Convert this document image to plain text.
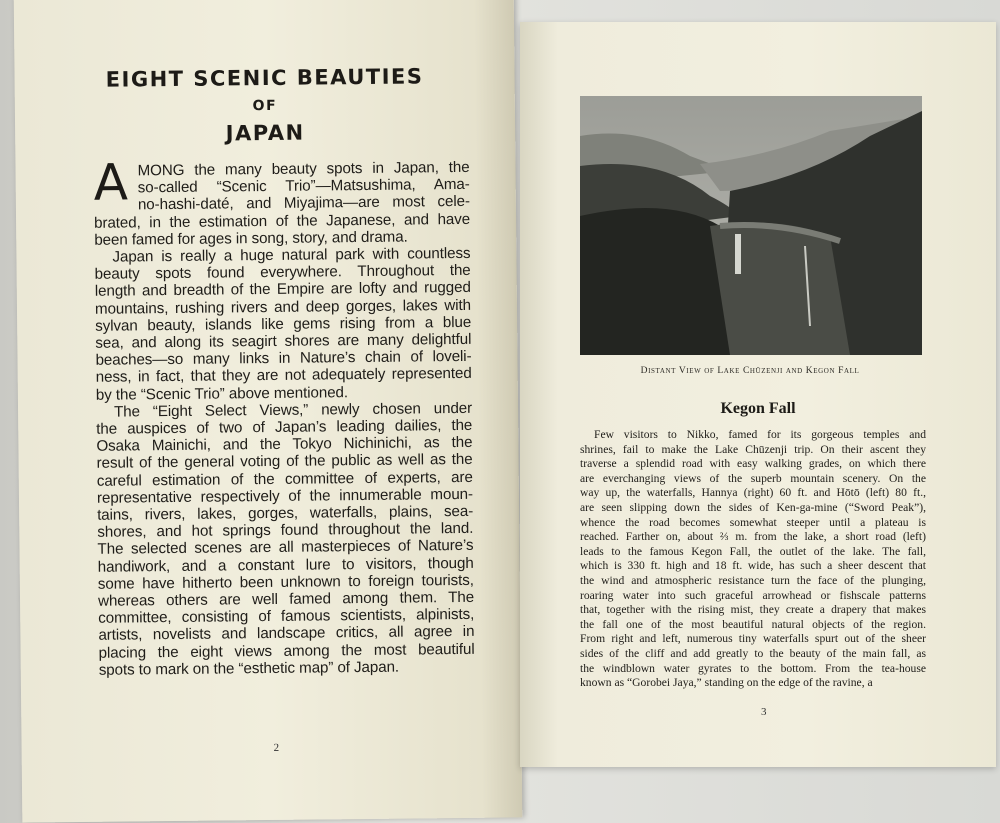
EIGHT SCENIC BEAUTIES
OF
JAPAN
A MONG the many beauty spots in Japan, the
so-called “Scenic Trio”—Matsushima, Ama-
no-hashi-daté, and Miyajima—are most cele-
brated, in the estimation of the Japanese, and have
been famed for ages in song, story, and drama.
Japan is really a huge natural park with countless
beauty spots found everywhere. Throughout the
length and breadth of the Empire are lofty and rugged
mountains, rushing rivers and deep gorges, lakes with
sylvan beauty, islands like gems rising from a blue
sea, and along its seagirt shores are many delightful
beaches—so many links in Nature’s chain of loveli-
ness, in fact, that they are not adequately represented
by the “Scenic Trio” above mentioned.
The “Eight Select Views,” newly chosen under
the auspices of two of Japan’s leading dailies, the
Osaka Mainichi, and the Tokyo Nichinichi, as the
result of the general voting of the public as well as the
careful estimation of the committee of experts, are
representative respectively of the innumerable moun-
tains, rivers, lakes, gorges, waterfalls, plains, sea-
shores, and hot springs found throughout the land.
The selected scenes are all masterpieces of Nature’s
handiwork, and a constant lure to visitors, though
some have hitherto been unknown to foreign tourists,
whereas others are well famed among them. The
committee, consisting of famous scientists, alpinists,
artists, novelists and landscape critics, all agree in
placing the eight views among the most beautiful
spots to mark on the “esthetic map” of Japan.
2
Distant View of Lake Chūzenji and Kegon Fall
Kegon Fall
Few visitors to Nikko, famed for its gorgeous temples and
shrines, fail to make the Lake Chūzenji trip. On their ascent they
traverse a splendid road with easy walking grades, on which there
are everchanging views of the superb mountain scenery. On the
way up, the waterfalls, Hannya (right) 60 ft. and Hōtō (left) 80 ft.,
are seen slipping down the sides of Ken-ga-mine (“Sword Peak”),
whence the road becomes somewhat steeper until a plateau is
reached. Farther on, about ⅔ m. from the lake, a short road (left)
leads to the famous Kegon Fall, the outlet of the lake. The fall,
which is 330 ft. high and 18 ft. wide, has such a sheer descent that
the wind and atmospheric resistance turn the face of the plunging,
roaring water into such graceful arrowhead or fishscale patterns
that, together with the rising mist, they create a drapery that makes
the fall one of the most beautiful natural objects of the region.
From right and left, numerous tiny waterfalls spurt out of the sheer
sides of the cliff and add greatly to the beauty of the main fall, as
the windblown water gyrates to the bottom. From the tea-house
known as “Gorobei Jaya,” standing on the edge of the ravine, a
3
